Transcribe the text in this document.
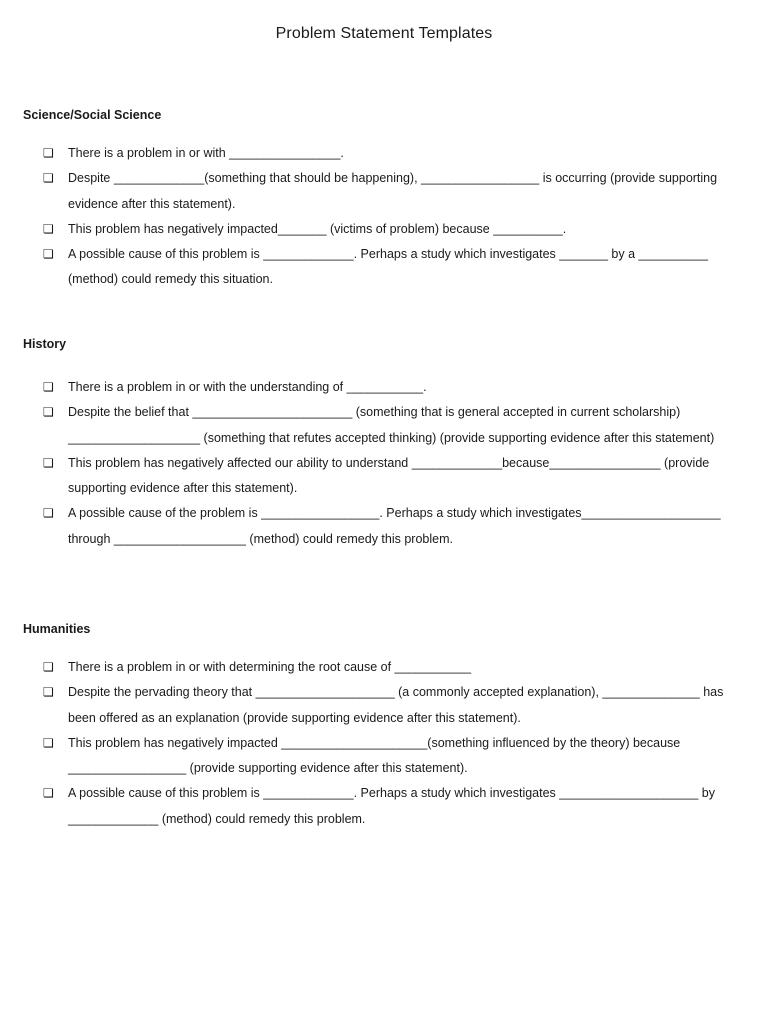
Problem Statement Templates
Science/Social Science
❏ There is a problem in or with ________________.
❏ Despite _____________(something that should be happening), _________________ is occurring (provide supporting evidence after this statement).
❏ This problem has negatively impacted_______ (victims of problem) because __________.
❏ A possible cause of this problem is _____________. Perhaps a study which investigates _______ by a __________ (method) could remedy this situation.
History
❏ There is a problem in or with the understanding of ___________.
❏ Despite the belief that _______________________ (something that is general accepted in current scholarship) ___________________ (something that refutes accepted thinking) (provide supporting evidence after this statement)
❏ This problem has negatively affected our ability to understand _____________because________________ (provide supporting evidence after this statement).
❏ A possible cause of the problem is _________________. Perhaps a study which investigates____________________ through ___________________ (method) could remedy this problem.
Humanities
❏ There is a problem in or with determining the root cause of ___________
❏ Despite the pervading theory that ____________________ (a commonly accepted explanation), ______________ has been offered as an explanation (provide supporting evidence after this statement).
❏ This problem has negatively impacted _____________________(something influenced by the theory) because _________________ (provide supporting evidence after this statement).
❏ A possible cause of this problem is _____________. Perhaps a study which investigates ____________________ by _____________ (method) could remedy this problem.
